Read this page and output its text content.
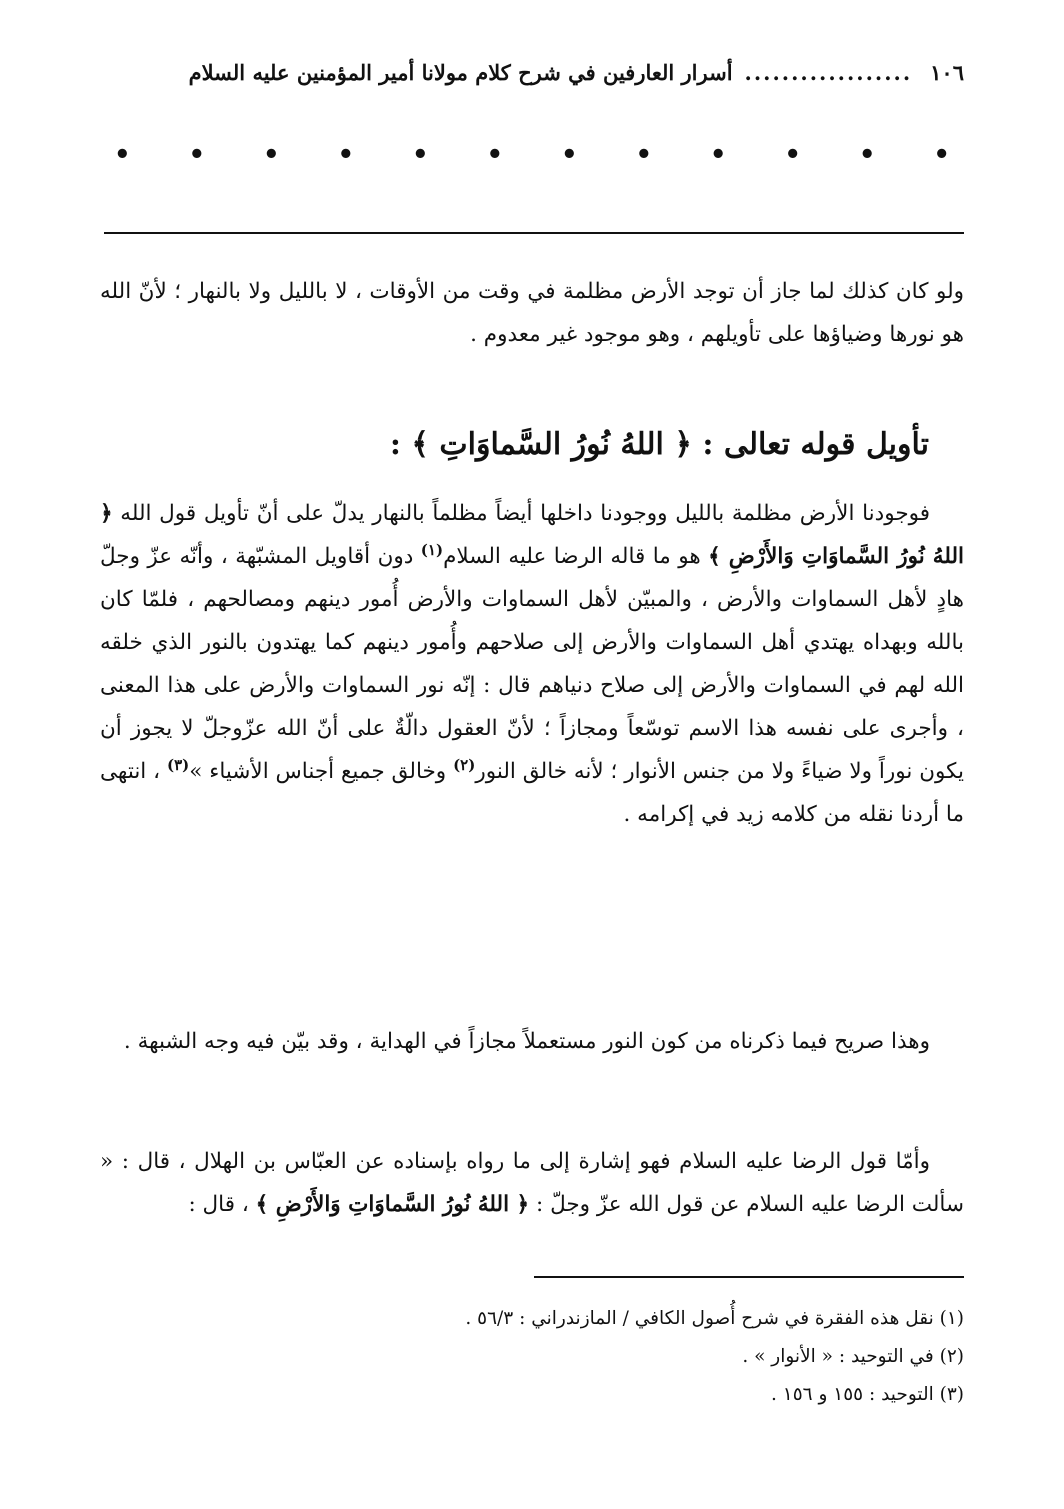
١٠٦
..................
أسرار العارفين في شرح كلام مولانا أمير المؤمنين عليه السلام
•
•
•
•
•
•
•
•
•
•
•
•

ولو كان كذلك لما جاز أن توجد الأرض مظلمة في وقت من الأوقات ، لا بالليل ولا بالنهار ؛ لأنّ الله هو نورها وضياؤها على تأويلهم ، وهو موجود غير معدوم .

تأويل قوله تعالى : ﴿ اللهُ نُورُ السَّماوَاتِ ﴾ :

فوجودنا الأرض مظلمة بالليل ووجودنا داخلها أيضاً مظلماً بالنهار يدلّ على أنّ تأويل قول الله ﴿ اللهُ نُورُ السَّماوَاتِ وَالأَرْضِ ﴾ هو ما قاله الرضا عليه السلام$^{(١)}$ دون أقاويل المشبّهة ، وأنّه عزّ وجلّ هادٍ لأهل السماوات والأرض ، والمبيّن لأهل السماوات والأرض أُمور دينهم ومصالحهم ، فلمّا كان بالله وبهداه يهتدي أهل السماوات والأرض إلى صلاحهم وأُمور دينهم كما يهتدون بالنور الذي خلقه الله لهم في السماوات والأرض إلى صلاح دنياهم قال : إنّه نور السماوات والأرض على هذا المعنى ، وأجرى على نفسه هذا الاسم توسّعاً ومجازاً ؛ لأنّ العقول دالّةٌ على أنّ الله عزّوجلّ لا يجوز أن يكون نوراً ولا ضياءً ولا من جنس الأنوار ؛ لأنه خالق النور$^{(٢)}$ وخالق جميع أجناس الأشياء »$^{(٣)}$ ، انتهى ما أردنا نقله من كلامه زيد في إكرامه .

وهذا صريح فيما ذكرناه من كون النور مستعملاً مجازاً في الهداية ، وقد بيّن فيه وجه الشبهة .

وأمّا قول الرضا عليه السلام فهو إشارة إلى ما رواه بإسناده عن العبّاس بن الهلال ، قال : « سألت الرضا عليه السلام عن قول الله عزّ وجلّ : ﴿ اللهُ نُورُ السَّماوَاتِ وَالأَرْضِ ﴾ ، قال :

(١) نقل هذه الفقرة في شرح أُصول الكافي / المازندراني : ٥٦/٣ .
(٢) في التوحيد : « الأنوار » .
(٣) التوحيد : ١٥٥ و ١٥٦ .
